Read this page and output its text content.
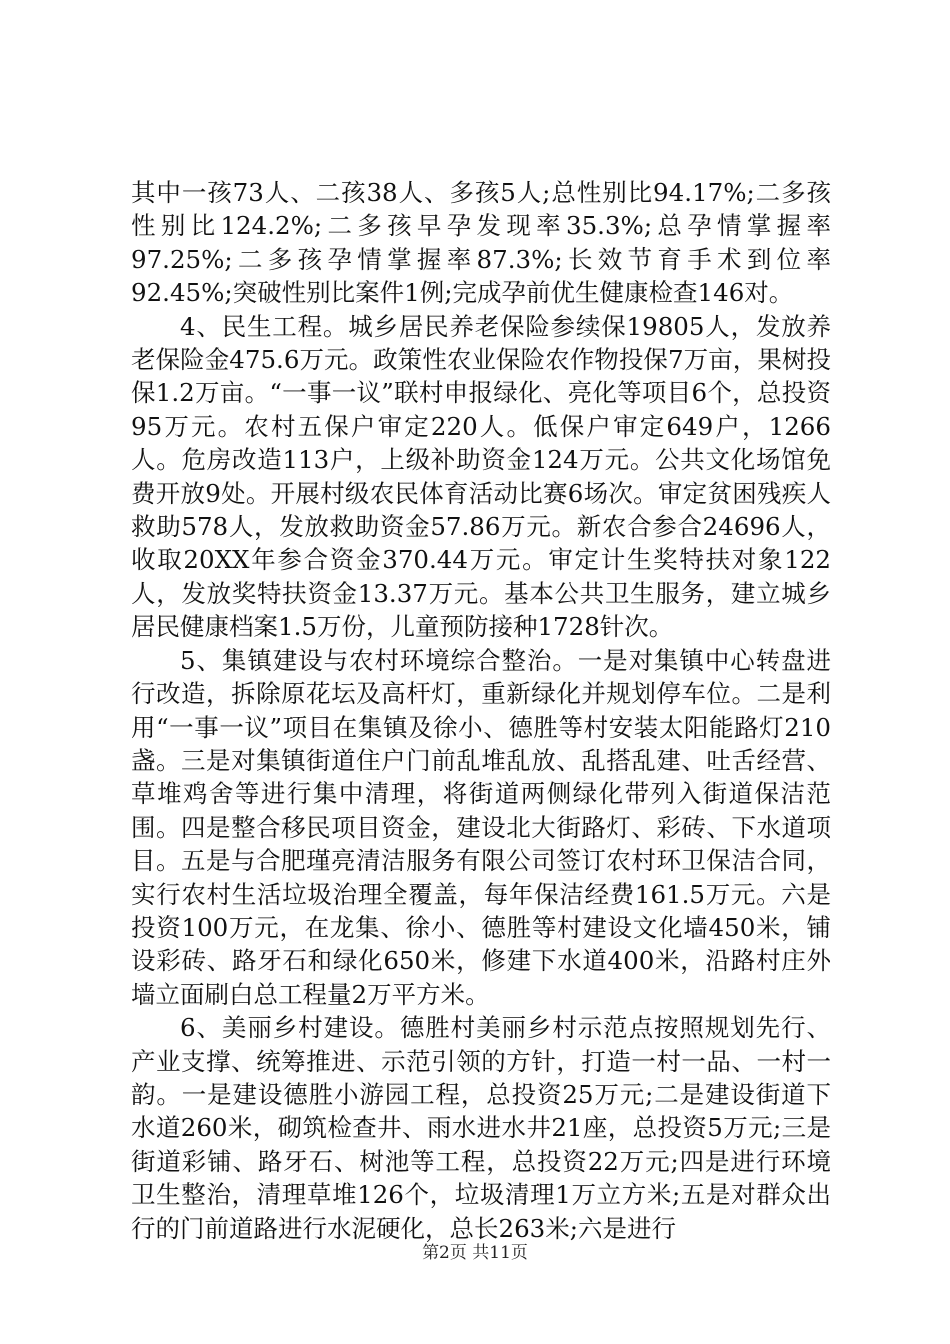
其中一孩73人、二孩38人、多孩5人;总性别比94.17%;二多孩性别比124.2%;二多孩早孕发现率35.3%;总孕情掌握率97.25%;二多孩孕情掌握率87.3%;长效节育手术到位率92.45%;突破性别比案件1例;完成孕前优生健康检查146对。

4、民生工程。城乡居民养老保险参续保19805人，发放养老保险金475.6万元。政策性农业保险农作物投保7万亩，果树投保1.2万亩。“一事一议”联村申报绿化、亮化等项目6个，总投资95万元。农村五保户审定220人。低保户审定649户，1266人。危房改造113户，上级补助资金124万元。公共文化场馆免费开放9处。开展村级农民体育活动比赛6场次。审定贫困残疾人救助578人，发放救助资金57.86万元。新农合参合24696人，收取20XX年参合资金370.44万元。审定计生奖特扶对象122人，发放奖特扶资金13.37万元。基本公共卫生服务，建立城乡居民健康档案1.5万份，儿童预防接种1728针次。

5、集镇建设与农村环境综合整治。一是对集镇中心转盘进行改造，拆除原花坛及高杆灯，重新绿化并规划停车位。二是利用“一事一议”项目在集镇及徐小、德胜等村安装太阳能路灯210盏。三是对集镇街道住户门前乱堆乱放、乱搭乱建、吐舌经营、草堆鸡舍等进行集中清理，将街道两侧绿化带列入街道保洁范围。四是整合移民项目资金，建设北大街路灯、彩砖、下水道项目。五是与合肥瑾亮清洁服务有限公司签订农村环卫保洁合同，实行农村生活垃圾治理全覆盖，每年保洁经费161.5万元。六是投资100万元，在龙集、徐小、德胜等村建设文化墙450米，铺设彩砖、路牙石和绿化650米，修建下水道400米，沿路村庄外墙立面刷白总工程量2万平方米。

6、美丽乡村建设。德胜村美丽乡村示范点按照规划先行、产业支撑、统筹推进、示范引领的方针，打造一村一品、一村一韵。一是建设德胜小游园工程，总投资25万元;二是建设街道下水道260米，砌筑检查井、雨水进水井21座，总投资5万元;三是街道彩铺、路牙石、树池等工程，总投资22万元;四是进行环境卫生整治，清理草堆126个，垃圾清理1万立方米;五是对群众出行的门前道路进行水泥硬化，总长263米;六是进行

第2页 共11页
